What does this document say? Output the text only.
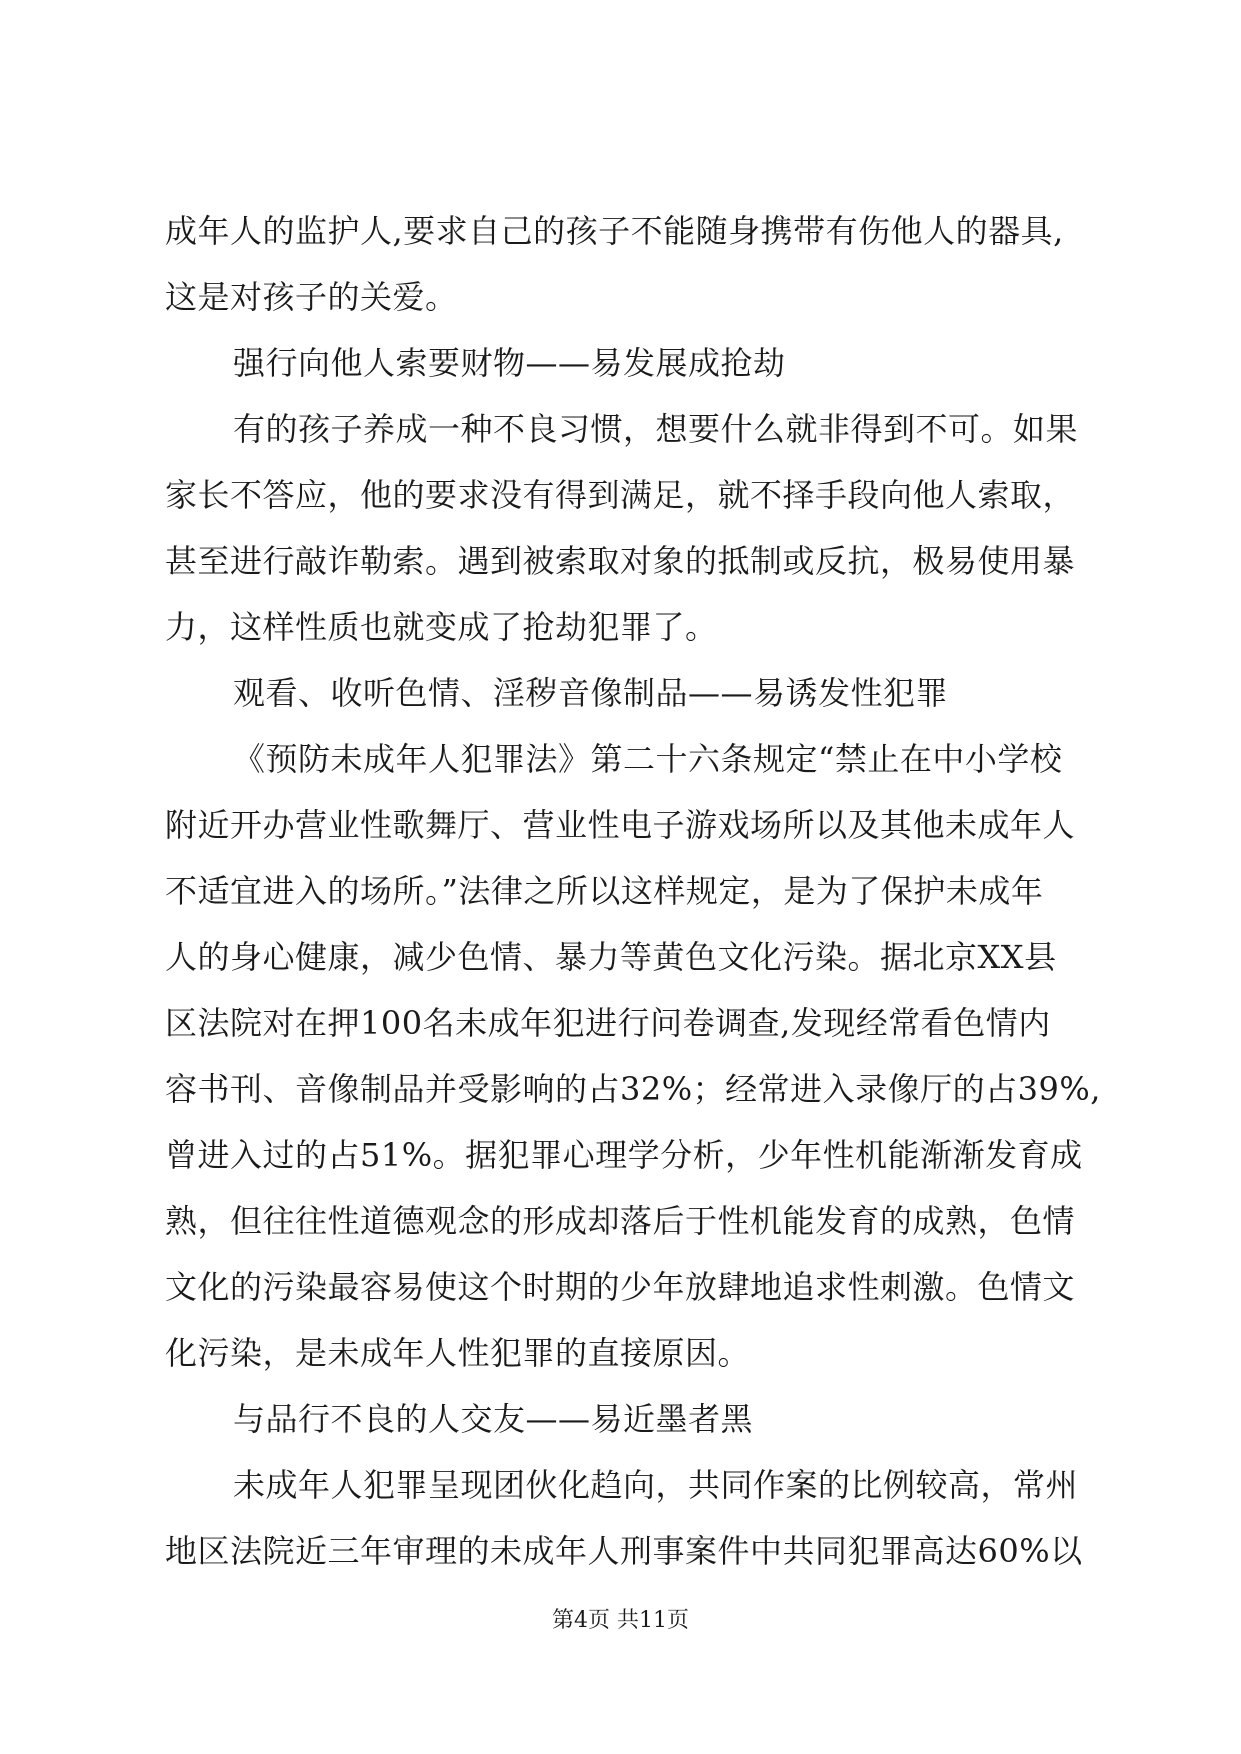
成年人的监护人,要求自己的孩子不能随身携带有伤他人的器具,
这是对孩子的关爱。
强行向他人索要财物——易发展成抢劫
有的孩子养成一种不良习惯，想要什么就非得到不可。如果
家长不答应，他的要求没有得到满足，就不择手段向他人索取，
甚至进行敲诈勒索。遇到被索取对象的抵制或反抗，极易使用暴
力，这样性质也就变成了抢劫犯罪了。
观看、收听色情、淫秽音像制品——易诱发性犯罪
《预防未成年人犯罪法》第二十六条规定“禁止在中小学校
附近开办营业性歌舞厅、营业性电子游戏场所以及其他未成年人
不适宜进入的场所。”法律之所以这样规定，是为了保护未成年
人的身心健康，减少色情、暴力等黄色文化污染。据北京XX县
区法院对在押100名未成年犯进行问卷调查,发现经常看色情内
容书刊、音像制品并受影响的占32%；经常进入录像厅的占39%,
曾进入过的占51%。据犯罪心理学分析，少年性机能渐渐发育成
熟，但往往性道德观念的形成却落后于性机能发育的成熟，色情
文化的污染最容易使这个时期的少年放肆地追求性刺激。色情文
化污染，是未成年人性犯罪的直接原因。
与品行不良的人交友——易近墨者黑
未成年人犯罪呈现团伙化趋向，共同作案的比例较高，常州
地区法院近三年审理的未成年人刑事案件中共同犯罪高达60%以
第4页 共11页
